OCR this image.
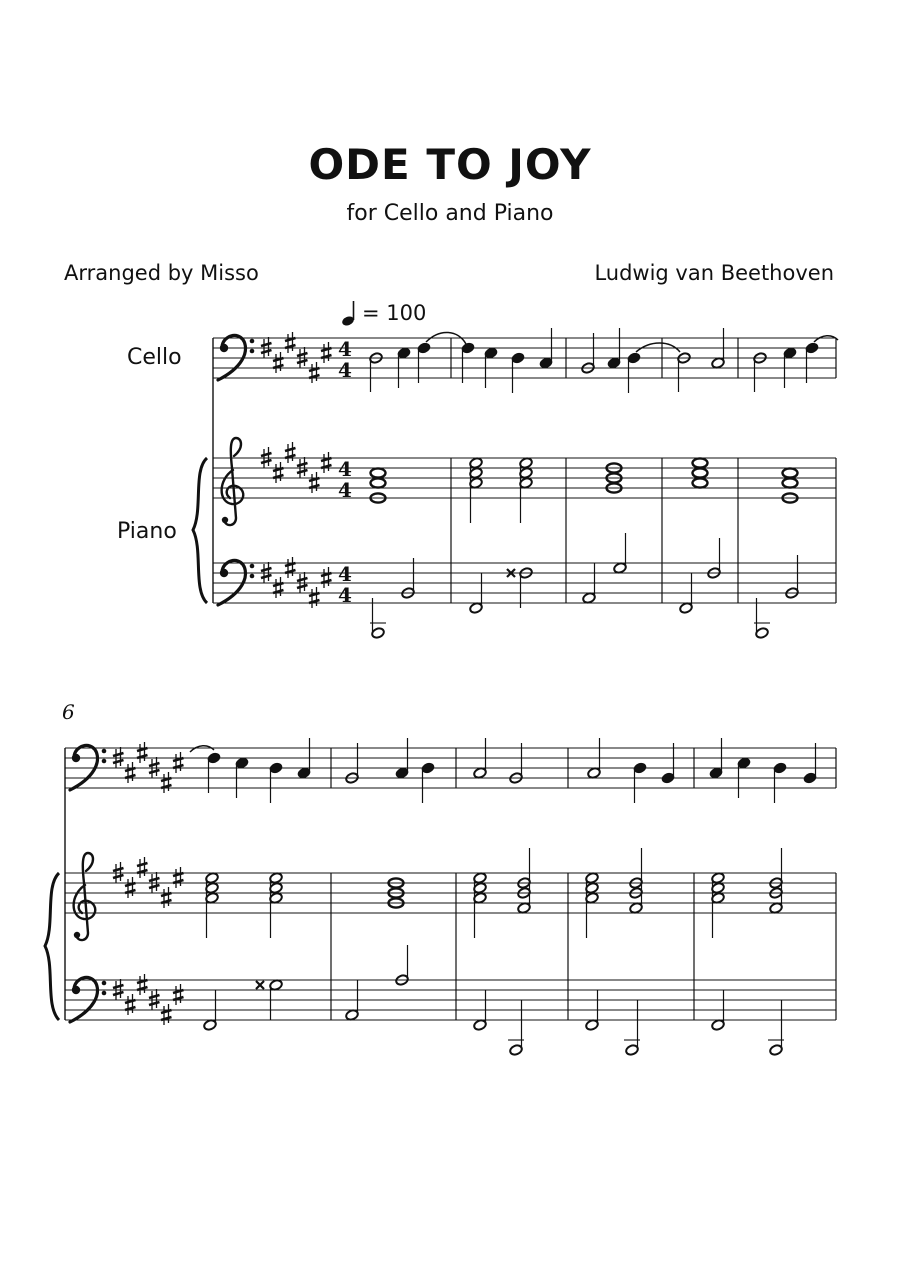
ODE TO JOY
for Cello and Piano
Arranged by Misso	Ludwig van Beethoven
= 100
Cello
Piano
6
4
4
4
4
4
4
